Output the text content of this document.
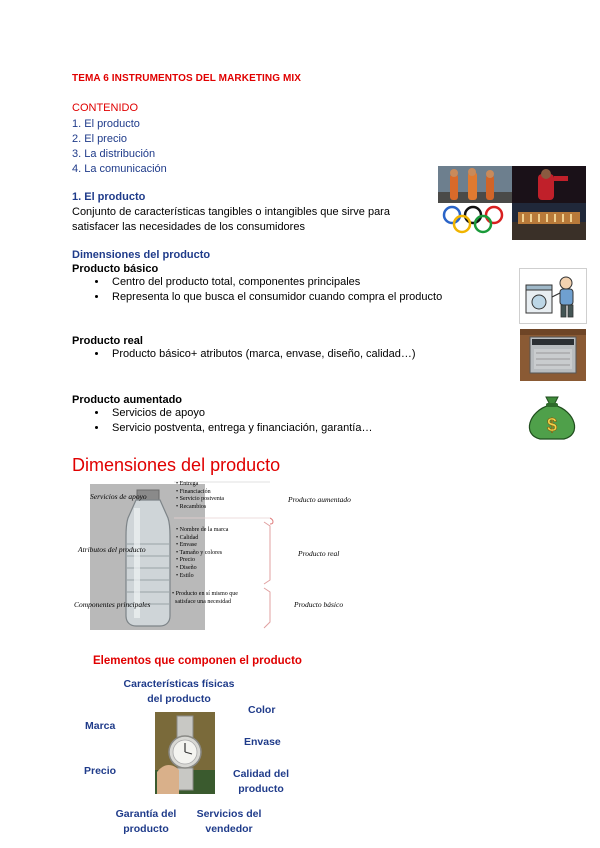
TEMA 6 INSTRUMENTOS DEL MARKETING MIX
CONTENIDO
1. El producto
2. El precio
3. La distribución
4. La comunicación
1. El producto
Conjunto de características tangibles o intangibles que sirve para satisfacer las necesidades de los consumidores
Dimensiones del producto
Producto básico
• Centro del producto total, componentes principales
• Representa lo que busca el consumidor cuando compra el producto
Producto real
• Producto básico+ atributos (marca, envase, diseño, calidad…)
Producto aumentado
• Servicios de apoyo
• Servicio postventa, entrega y financiación, garantía…	$
Dimensiones del producto
Servicios de apoyo
Atributos del producto
Componentes principales
Producto aumentado
Producto real
Producto básico
• Entrega
• Financiación
• Servicio postventa
• Recambios
• Nombre de la marca
• Calidad
• Envase
• Tamaño y colores
• Precio
• Diseño
• Estilo
• Producto en sí mismo que
satisface una necesidad
Elementos que componen el producto
Características físicas
del producto
Marca
Color
Envase
Precio	Calidad del
producto
Garantía del
producto
Servicios del
vendedor
